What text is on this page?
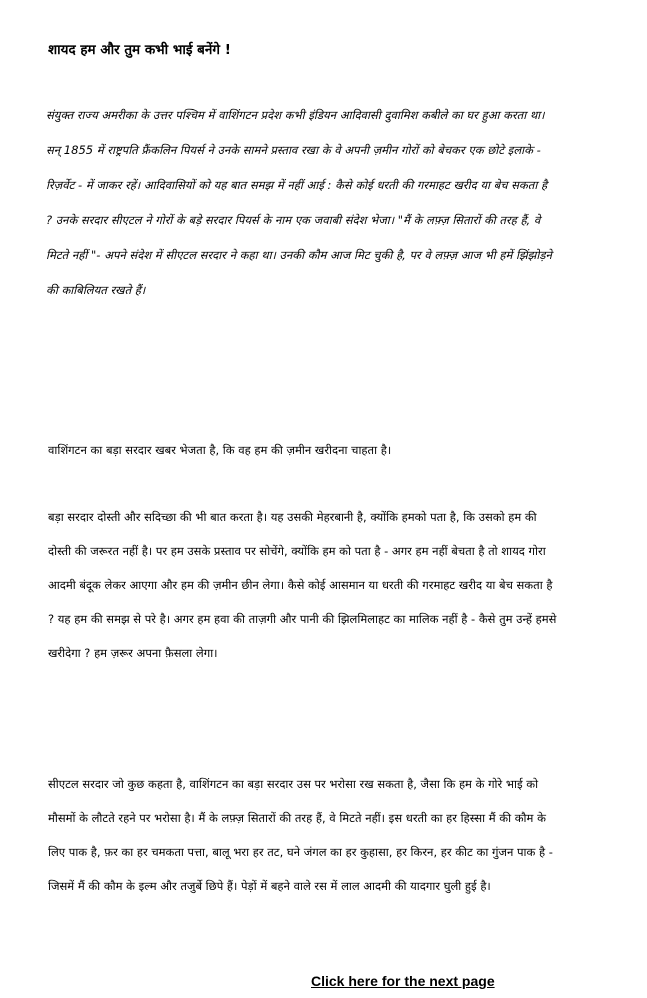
शायद हम और तुम कभी भाई बनेंगे !

संयुक्त राज्य अमरीका के उत्तर पश्चिम में वाशिंगटन प्रदेश कभी इंडियन आदिवासी दुवामिश कबीले का घर हुआ करता था। सन् 1855 में राष्ट्रपति फ्रैंकलिन पियर्स ने उनके सामने प्रस्ताव रखा के वे अपनी ज़मीन गोरों को बेचकर एक छोटे इलाके - रिज़र्वेट - में जाकर रहें। आदिवासियों को यह बात समझ में नहीं आई : कैसे कोई धरती की गरमाहट खरीद या बेच सकता है ? उनके सरदार सीएटल ने गोरों के बड़े सरदार पियर्स के नाम एक जवाबी संदेश भेजा। "मैं के लफ़्ज़ सितारों की तरह हैं, वे मिटते नहीं "- अपने संदेश में सीएटल सरदार ने कहा था। उनकी कौम आज मिट चुकी है, पर वे लफ़्ज़ आज भी हमें झिंझोड़ने की काबिलियत रखते हैं।

वाशिंगटन का बड़ा सरदार खबर भेजता है, कि वह हम की ज़मीन खरीदना चाहता है।

बड़ा सरदार दोस्ती और सदिच्छा की भी बात करता है। यह उसकी मेहरबानी है, क्योंकि हमको पता है, कि उसको हम की दोस्ती की जरूरत नहीं है। पर हम उसके प्रस्ताव पर सोचेंगे, क्योंकि हम को पता है - अगर हम नहीं बेचता है तो शायद गोरा आदमी बंदूक लेकर आएगा और हम की ज़मीन छीन लेगा। कैसे कोई आसमान या धरती की गरमाहट खरीद या बेच सकता है ? यह हम की समझ से परे है। अगर हम हवा की ताज़गी और पानी की झिलमिलाहट का मालिक नहीं है - कैसे तुम उन्हें हमसे खरीदेगा ? हम ज़रूर अपना फ़ैसला लेगा।

सीएटल सरदार जो कुछ कहता है, वाशिंगटन का बड़ा सरदार उस पर भरोसा रख सकता है, जैसा कि हम के गोरे भाई को मौसमों के लौटते रहने पर भरोसा है। मैं के लफ़्ज़ सितारों की तरह हैं, वे मिटते नहीं। इस धरती का हर हिस्सा मैं की कौम के लिए पाक है, फ़र का हर चमकता पत्ता, बालू भरा हर तट, घने जंगल का हर कुहासा, हर किरन, हर कीट का गुंजन पाक है - जिसमें मैं की कौम के इल्म और तजुर्बे छिपे हैं। पेड़ों में बहने वाले रस में लाल आदमी की यादगार घुली हुई है।

Click here for the next page
